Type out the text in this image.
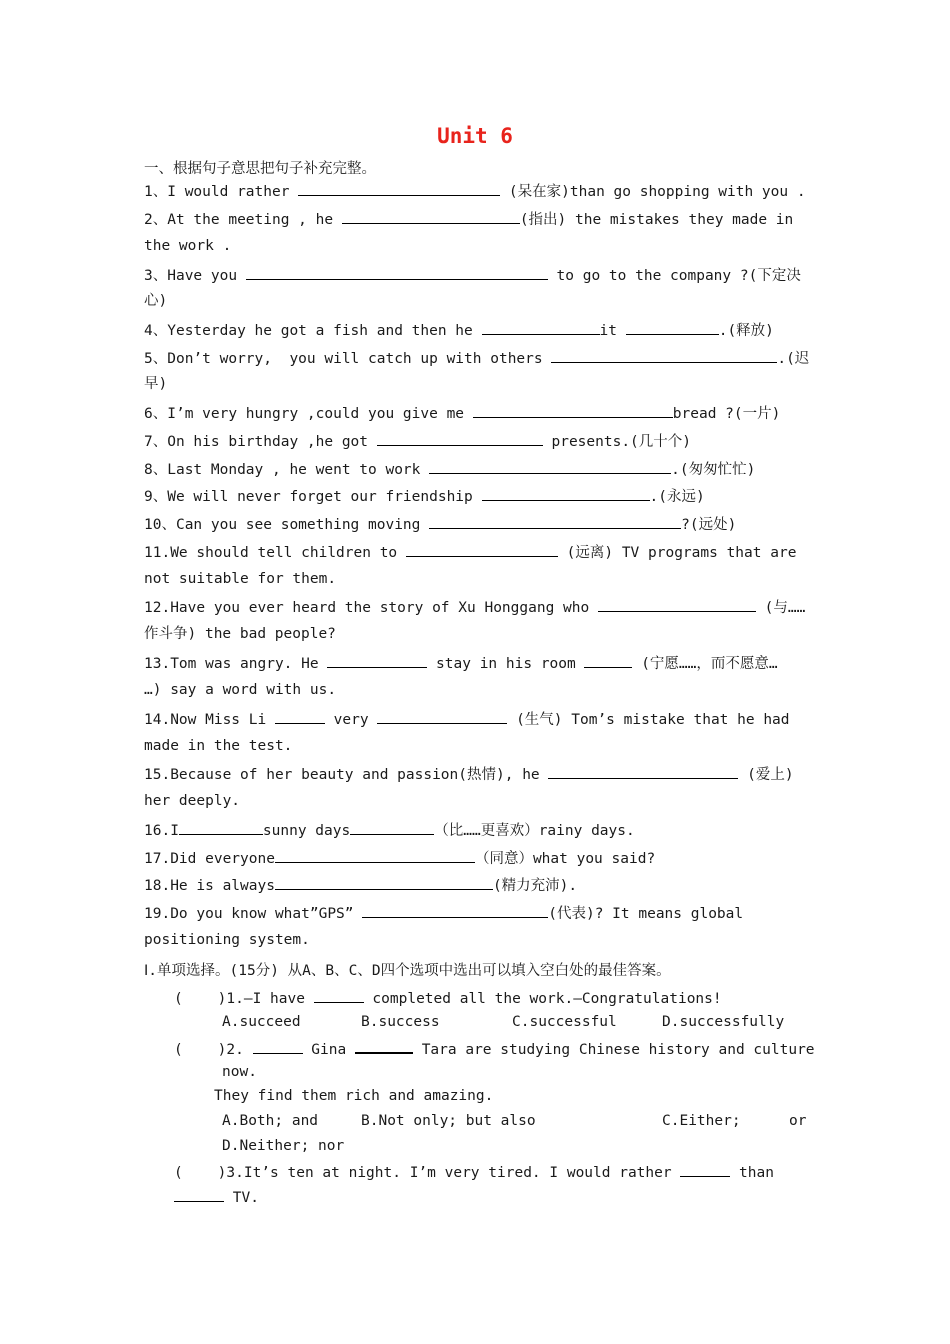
Unit 6
一、根据句子意思把句子补充完整。
1、I would rather	(呆在家)than go shopping with you .
2、At the meeting , he	(指出) the mistakes they made in
the work .
3、Have you	to go to the company ?(下定决
心)
4、Yesterday he got a fish and then he	it	.(释放)
5、Don’t worry,  you will catch up with others	.(迟
早)
6、I’m very hungry ,could you give me	bread ?(一片)
7、On his birthday ,he got	presents.(几十个)
8、Last Monday , he went to work	.(匆匆忙忙)
9、We will never forget our friendship	.(永远)
10、Can you see something moving	?(远处)
11.We should tell children to	(远离) TV programs that are
not suitable for them.
12.Have you ever heard the story of Xu Honggang who	(与……
作斗争) the bad people?
13.Tom was angry. He	stay in his room	(宁愿……，而不愿意…
…) say a word with us.
14.Now Miss Li	very	(生气) Tom’s mistake that he had
made in the test.
15.Because of her beauty and passion(热情), he	(爱上)
her deeply.
16.I	sunny days	（比……更喜欢）rainy days.
17.Did everyone	（同意）what you said?
18.He is always	(精力充沛).
19.Do you know what”GPS”	(代表)? It means global
positioning system.
Ⅰ.单项选择。(15分) 从A、B、C、D四个选项中选出可以填入空白处的最佳答案。
(    )1.—I have	completed all the work.—Congratulations!
A.succeed	B.success	C.successful	D.successfully
(    )2.	Gina	Tara are studying Chinese history and culture
now.
They find them rich and amazing.
A.Both; and	B.Not only; but also	C.Either;	or
D.Neither; nor
(    )3.It’s ten at night. I’m very tired. I would rather	than
TV.
